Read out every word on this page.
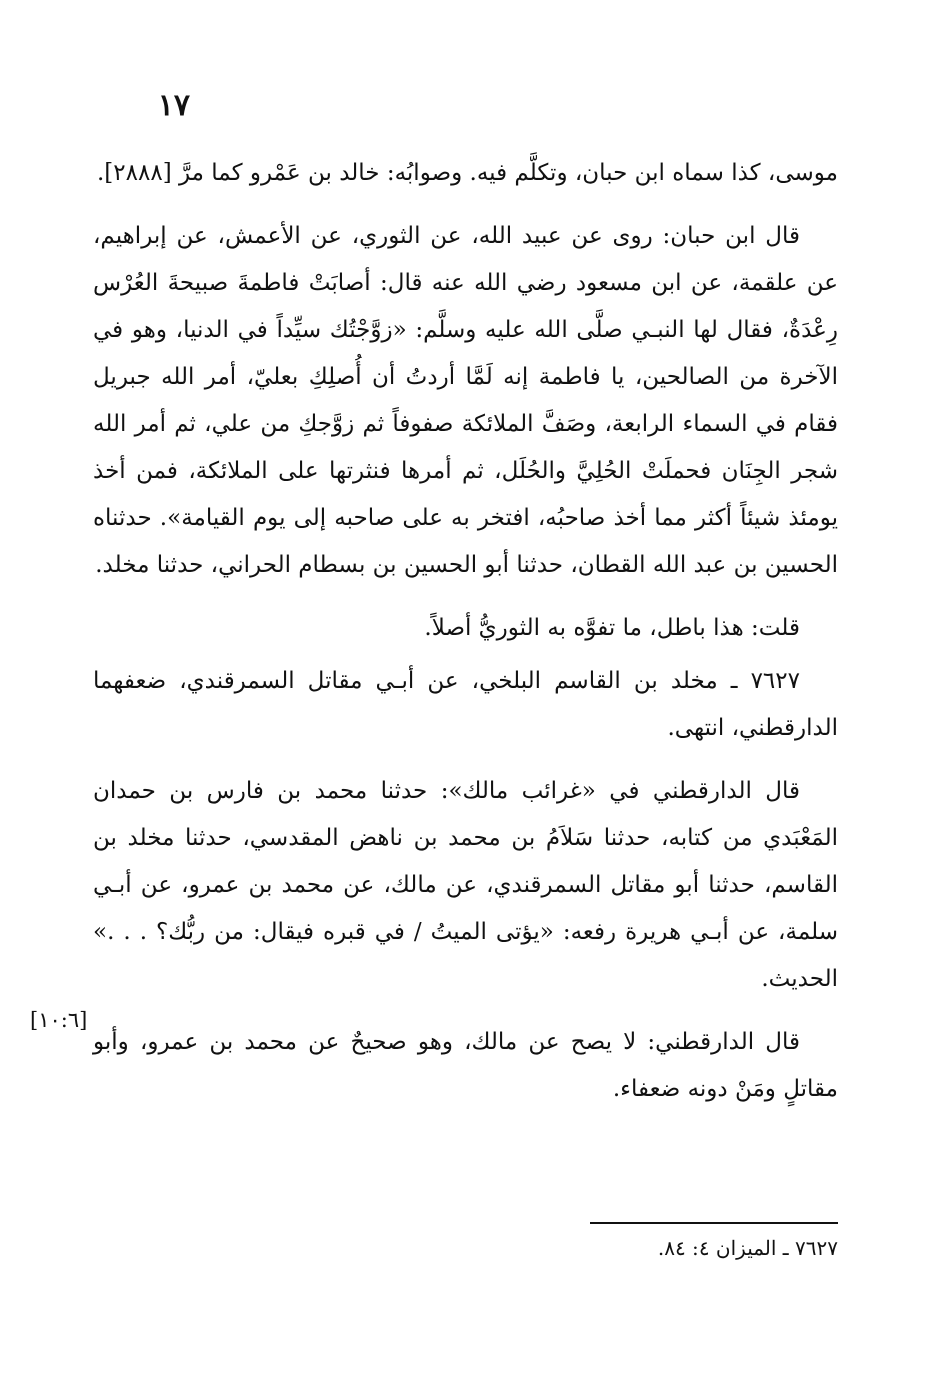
١٧

موسى، كذا سماه ابن حبان، وتكلَّم فيه. وصوابُه: خالد بن عَمْرو كما مرَّ [٢٨٨٨].

قال ابن حبان: روى عن عبيد الله، عن الثوري، عن الأعمش، عن إبراهيم، عن علقمة، عن ابن مسعود رضي الله عنه قال: أصابَتْ فاطمةَ صبيحةَ العُرْس رِعْدَةٌ، فقال لها النبـي صلَّى الله عليه وسلَّم: «زوَّجْتُك سيِّداً في الدنيا، وهو في الآخرة من الصالحين، يا فاطمة إنه لَمَّا أردتُ أن أُصلِكِ بعليّ، أمر الله جبريل فقام في السماء الرابعة، وصَفَّ الملائكة صفوفاً ثم زوَّجكِ من علي، ثم أمر الله شجر الجِنَان فحملَتْ الحُلِيَّ والحُلَل، ثم أمرها فنثرتها على الملائكة، فمن أخذ يومئذ شيئاً أكثر مما أخذ صاحبُه، افتخر به على صاحبه إلى يوم القيامة». حدثناه الحسين بن عبد الله القطان، حدثنا أبو الحسين بن بسطام الحراني، حدثنا مخلد.

قلت: هذا باطل، ما تفوَّه به الثوريُّ أصلاً.

٧٦٢٧ ـ مخلد بن القاسم البلخي، عن أبـي مقاتل السمرقندي، ضعفهما الدارقطني، انتهى.

قال الدارقطني في «غرائب مالك»: حدثنا محمد بن فارس بن حمدان المَعْبَدي من كتابه، حدثنا سَلاَمُ بن محمد بن ناهض المقدسي، حدثنا مخلد بن القاسم، حدثنا أبو مقاتل السمرقندي، عن مالك، عن محمد بن عمرو، عن أبـي سلمة، عن أبـي هريرة رفعه: «يؤتى الميتُ / في قبره فيقال: من ربُّك؟ . . .» الحديث.

قال الدارقطني: لا يصح عن مالك، وهو صحيحٌ عن محمد بن عمرو، وأبو مقاتلٍ ومَنْ دونه ضعفاء.

[١٠:٦]
٧٦٢٧ ـ الميزان ٤: ٨٤.
